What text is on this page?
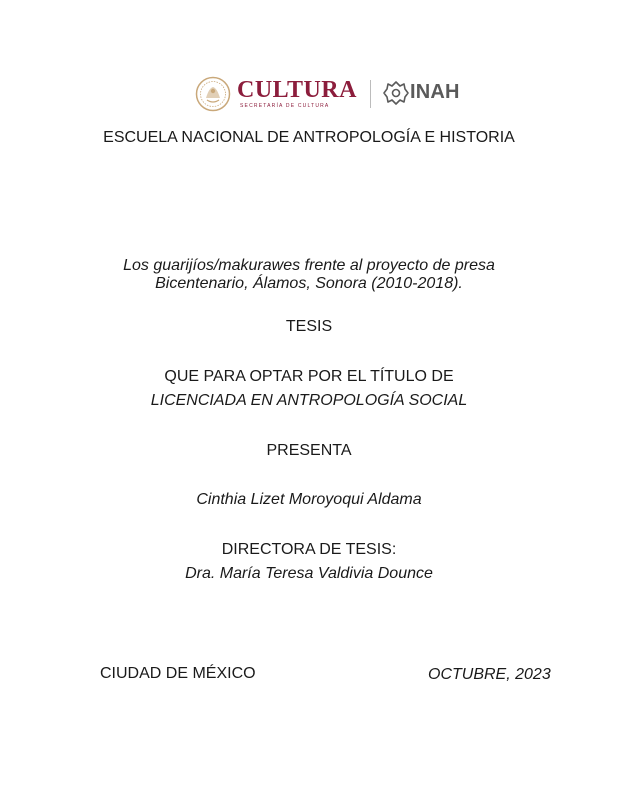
CULTURA
SECRETARÍA DE CULTURA
INAH
ESCUELA NACIONAL DE ANTROPOLOGÍA E HISTORIA
Los guarijíos/makurawes frente al proyecto de presa
Bicentenario, Álamos, Sonora (2010-2018).
TESIS
QUE PARA OPTAR POR EL TÍTULO DE
LICENCIADA EN ANTROPOLOGÍA SOCIAL
PRESENTA
Cinthia Lizet Moroyoqui Aldama
DIRECTORA DE TESIS:
Dra. María Teresa Valdivia Dounce
CIUDAD DE MÉXICO	OCTUBRE, 2023
